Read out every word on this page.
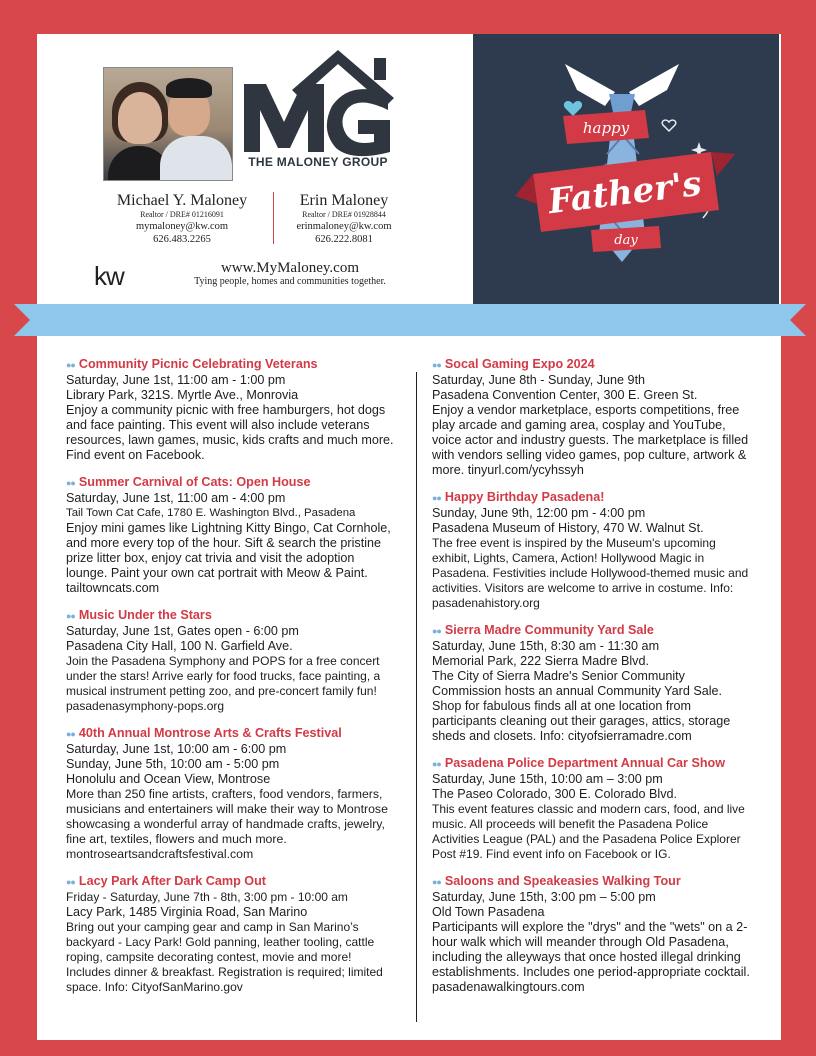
happy
Father's
day
THE MALONEY GROUP
Michael Y. Maloney
Realtor / DRE# 01216091
mymaloney@kw.com
626.483.2265
Erin Maloney
Realtor / DRE# 01928844
erinmaloney@kw.com
626.222.8081
kw	www.MyMaloney.com
Tying people, homes and communities together.
●● Community Picnic Celebrating Veterans
Saturday, June 1st, 11:00 am - 1:00 pm
Library Park, 321S. Myrtle Ave., Monrovia
Enjoy a community picnic with free hamburgers, hot dogs and face painting. This event will also include veterans resources, lawn games, music, kids crafts and much more. Find event on Facebook.
●● Summer Carnival of Cats: Open House
Saturday, June 1st, 11:00 am - 4:00 pm
Tail Town Cat Cafe, 1780 E. Washington Blvd., Pasadena
Enjoy mini games like Lightning Kitty Bingo, Cat Cornhole, and more every top of the hour. Sift & search the pristine prize litter box, enjoy cat trivia and visit the adoption lounge. Paint your own cat portrait with Meow & Paint. tailtowncats.com
●● Music Under the Stars
Saturday, June 1st, Gates open - 6:00 pm
Pasadena City Hall, 100 N. Garfield Ave.
Join the Pasadena Symphony and POPS for a free concert under the stars! Arrive early for food trucks, face painting, a musical instrument petting zoo, and pre-concert family fun! pasadenasymphony-pops.org
●● 40th Annual Montrose Arts & Crafts Festival
Saturday, June 1st, 10:00 am - 6:00 pm
Sunday, June 5th, 10:00 am - 5:00 pm
Honolulu and Ocean View, Montrose
More than 250 fine artists, crafters, food vendors, farmers, musicians and entertainers will make their way to Montrose showcasing a wonderful array of handmade crafts, jewelry, fine art, textiles, flowers and much more. montroseartsandcraftsfestival.com
●● Lacy Park After Dark Camp Out
Friday - Saturday, June 7th - 8th, 3:00 pm - 10:00 am
Lacy Park, 1485 Virginia Road, San Marino
Bring out your camping gear and camp in San Marino’s backyard - Lacy Park! Gold panning, leather tooling, cattle roping, campsite decorating contest, movie and more! Includes dinner & breakfast. Registration is required; limited space. Info: CityofSanMarino.gov
●● Socal Gaming Expo 2024
Saturday, June 8th - Sunday, June 9th
Pasadena Convention Center, 300 E. Green St.
Enjoy a vendor marketplace, esports competitions, free play arcade and gaming area, cosplay and YouTube, voice actor and industry guests. The marketplace is filled with vendors selling video games, pop culture, artwork & more. tinyurl.com/ycyhssyh
●● Happy Birthday Pasadena!
Sunday, June 9th, 12:00 pm - 4:00 pm
Pasadena Museum of History, 470 W. Walnut St.
The free event is inspired by the Museum's upcoming exhibit, Lights, Camera, Action! Hollywood Magic in Pasadena. Festivities include Hollywood-themed music and activities. Visitors are welcome to arrive in costume. Info: pasadenahistory.org
●● Sierra Madre Community Yard Sale
Saturday, June 15th, 8:30 am - 11:30 am
Memorial Park, 222 Sierra Madre Blvd.
The City of Sierra Madre's Senior Community Commission hosts an annual Community Yard Sale. Shop for fabulous finds all at one location from participants cleaning out their garages, attics, storage sheds and closets. Info: cityofsierramadre.com
●● Pasadena Police Department Annual Car Show
Saturday, June 15th, 10:00 am – 3:00 pm
The Paseo Colorado, 300 E. Colorado Blvd.
This event features classic and modern cars, food, and live music. All proceeds will benefit the Pasadena Police Activities League (PAL) and the Pasadena Police Explorer Post #19. Find event info on Facebook or IG.
●● Saloons and Speakeasies Walking Tour
Saturday, June 15th, 3:00 pm – 5:00 pm
Old Town Pasadena
Participants will explore the "drys" and the "wets" on a 2-hour walk which will meander through Old Pasadena, including the alleyways that once hosted illegal drinking establishments. Includes one period-appropriate cocktail. pasadenawalkingtours.com
